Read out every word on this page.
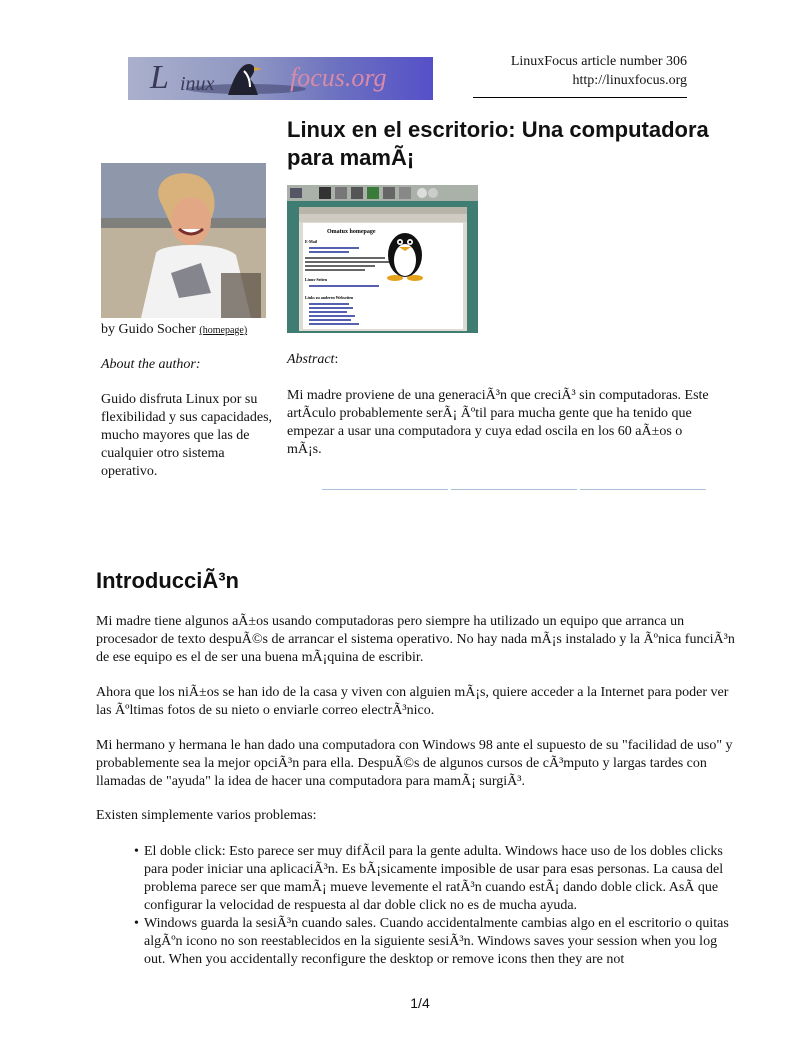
LinuxFocus article number 306
http://linuxfocus.org
L inux	focus.org
Linux en el escritorio: Una computadora para mamÃ¡
Omatux homepage
E-Mail
Linux-Seiten
Links zu anderen Webseiten
by Guido Socher (homepage)
About the author:
Guido disfruta Linux por su flexibilidad y sus capacidades, mucho mayores que las de cualquier otro sistema operativo.
Abstract:
Mi madre proviene de una generaciÃ³n que creciÃ³ sin computadoras. Este artÃculo probablemente serÃ¡ Ãºtil para mucha gente que ha tenido que empezar a usar una computadora y cuya edad oscila en los 60 aÃ±os o mÃ¡s.
IntroducciÃ³n
Mi madre tiene algunos aÃ±os usando computadoras pero siempre ha utilizado un equipo que arranca un procesador de texto despuÃ©s de arrancar el sistema operativo. No hay nada mÃ¡s instalado y la Ãºnica funciÃ³n de ese equipo es el de ser una buena mÃ¡quina de escribir.
Ahora que los niÃ±os se han ido de la casa y viven con alguien mÃ¡s, quiere acceder a la Internet para poder ver las Ãºltimas fotos de su nieto o enviarle correo electrÃ³nico.
Mi hermano y hermana le han dado una computadora con Windows 98 ante el supuesto de su "facilidad de uso" y probablemente sea la mejor opciÃ³n para ella. DespuÃ©s de algunos cursos de cÃ³mputo y largas tardes con llamadas de "ayuda" la idea de hacer una computadora para mamÃ¡ surgiÃ³.
Existen simplemente varios problemas:
• El doble click: Esto parece ser muy difÃcil para la gente adulta. Windows hace uso de los dobles clicks para poder iniciar una aplicaciÃ³n. Es bÃ¡sicamente imposible de usar para esas personas. La causa del problema parece ser que mamÃ¡ mueve levemente el ratÃ³n cuando estÃ¡ dando doble click. AsÃ que configurar la velocidad de respuesta al dar doble click no es de mucha ayuda.
• Windows guarda la sesiÃ³n cuando sales. Cuando accidentalmente cambias algo en el escritorio o quitas algÃºn icono no son reestablecidos en la siguiente sesiÃ³n. Windows saves your session when you log out. When you accidentally reconfigure the desktop or remove icons then they are not
1/4
